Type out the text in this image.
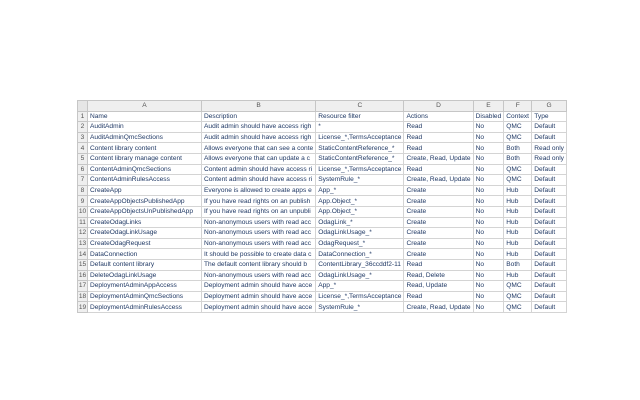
	A	B	C	D	E	F	G
1	Name	Description	Resource filter	Actions	Disabled	Context	Type
2	AuditAdmin	Audit admin should have access righ	*	Read	No	QMC	Default
3	AuditAdminQmcSections	Audit admin should have access righ	License_*,TermsAcceptance	Read	No	QMC	Default
4	Content library content	Allows everyone that can see a conte	StaticContentReference_*	Read	No	Both	Read only
5	Content library manage content	Allows everyone that can update a c	StaticContentReference_*	Create, Read, Update	No	Both	Read only
6	ContentAdminQmcSections	Content admin should have access ri	License_*,TermsAcceptance	Read	No	QMC	Default
7	ContentAdminRulesAccess	Content admin should have access ri	SystemRule_*	Create, Read, Update	No	QMC	Default
8	CreateApp	Everyone is allowed to create apps e	App_*	Create	No	Hub	Default
9	CreateAppObjectsPublishedApp	If you have read rights on an publish	App.Object_*	Create	No	Hub	Default
10	CreateAppObjectsUnPublishedApp	If you have read rights on an unpubli	App.Object_*	Create	No	Hub	Default
11	CreateOdagLinks	Non-anonymous users with read acc	OdagLink_*	Create	No	Hub	Default
12	CreateOdagLinkUsage	Non-anonymous users with read acc	OdagLinkUsage_*	Create	No	Hub	Default
13	CreateOdagRequest	Non-anonymous users with read acc	OdagRequest_*	Create	No	Hub	Default
14	DataConnection	It should be possible to create data c	DataConnection_*	Create	No	Hub	Default
15	Default content library	The default content library should b	ContentLibrary_36ccddf2-11	Read	No	Both	Default
16	DeleteOdagLinkUsage	Non-anonymous users with read acc	OdagLinkUsage_*	Read, Delete	No	Hub	Default
17	DeploymentAdminAppAccess	Deployment admin should have acce	App_*	Read, Update	No	QMC	Default
18	DeploymentAdminQmcSections	Deployment admin should have acce	License_*,TermsAcceptance	Read	No	QMC	Default
19	DeploymentAdminRulesAccess	Deployment admin should have acce	SystemRule_*	Create, Read, Update	No	QMC	Default
